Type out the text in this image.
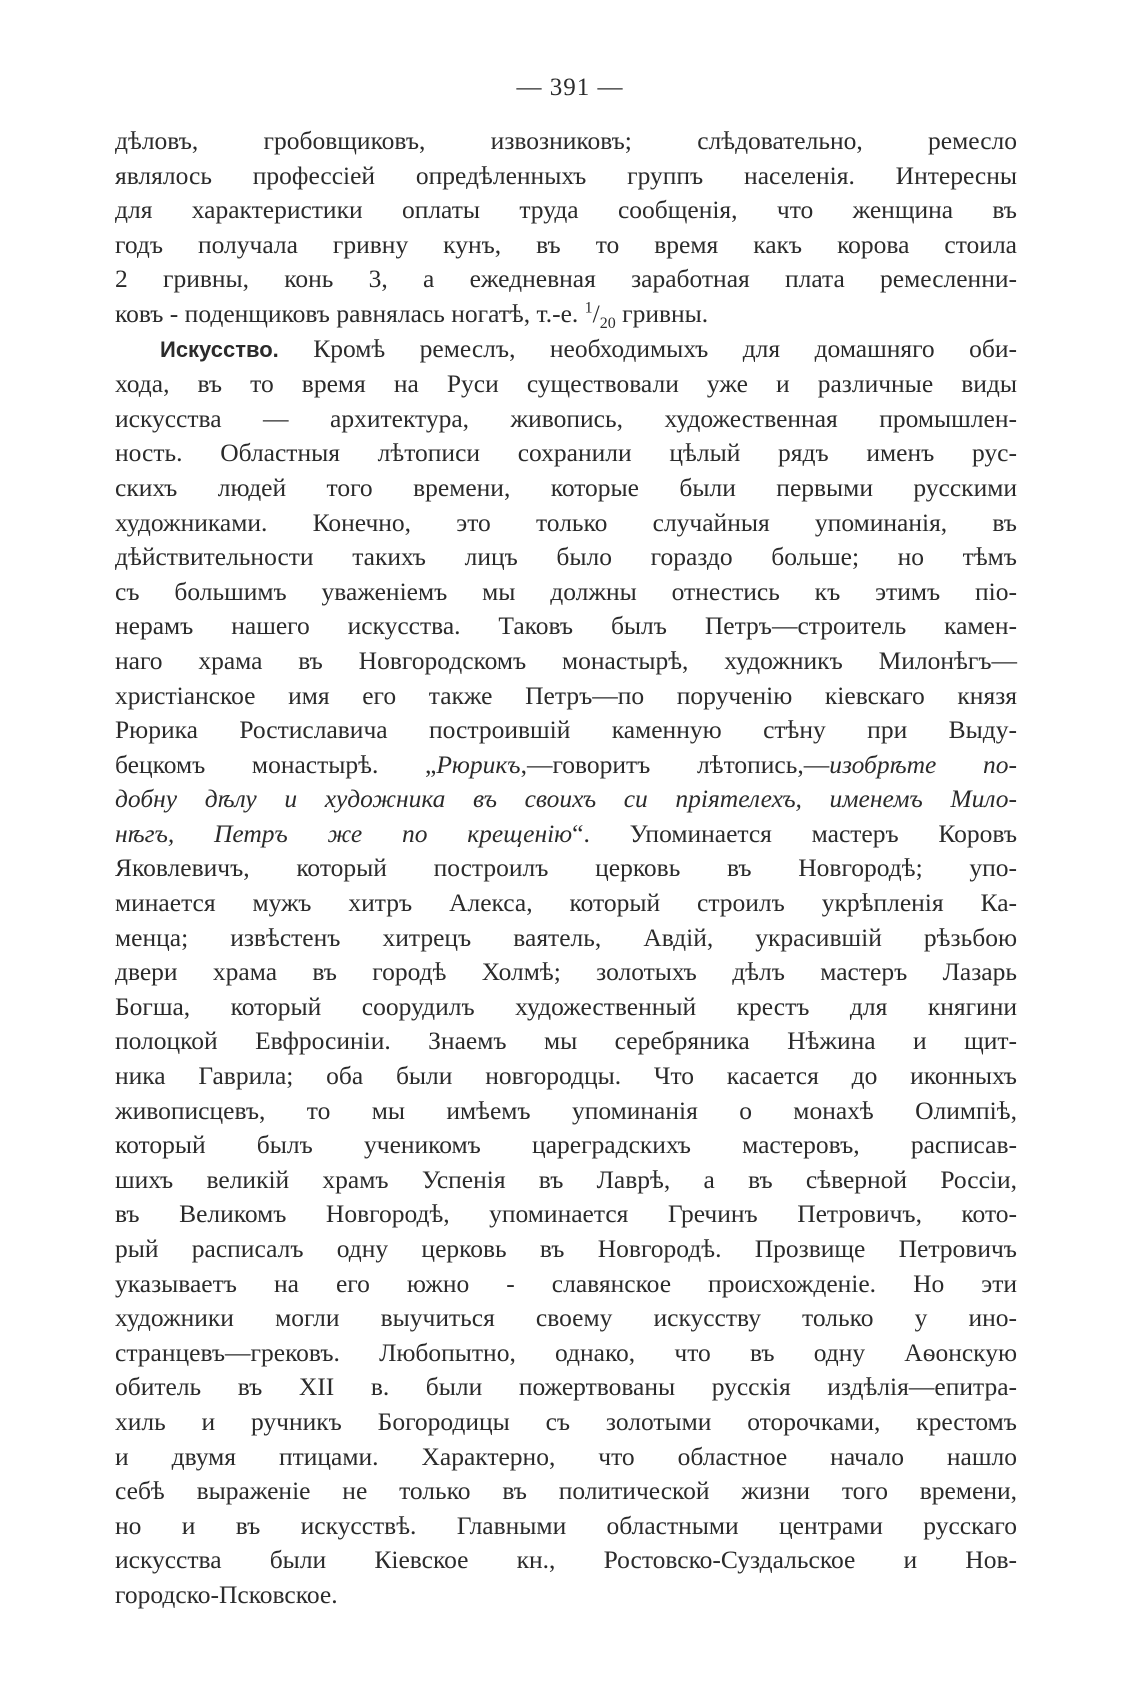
— 391 —
дѣловъ, гробовщиковъ, извозниковъ; слѣдовательно, ремесло
являлось профессіей опредѣленныхъ группъ населенія. Интересны
для характеристики оплаты труда сообщенія, что женщина въ
годъ получала гривну кунъ, въ то время какъ корова стоила
2 гривны, конь 3, а ежедневная заработная плата ремесленни-
ковъ - поденщиковъ равнялась ногатѣ, т.-е. $^1/_{20}$ гривны.
Искусство. Кромѣ ремеслъ, необходимыхъ для домашняго оби-
хода, въ то время на Руси существовали уже и различные виды
искусства — архитектура, живопись, художественная промышлен-
ность. Областныя лѣтописи сохранили цѣлый рядъ именъ рус-
скихъ людей того времени, которые были первыми русскими
художниками. Конечно, это только случайныя упоминанія, въ
дѣйствительности такихъ лицъ было гораздо больше; но тѣмъ
съ большимъ уваженіемъ мы должны отнестись къ этимъ піо-
нерамъ нашего искусства. Таковъ былъ Петръ—строитель камен-
наго храма въ Новгородскомъ монастырѣ, художникъ Милонѣгъ—
христіанское имя его также Петръ—по порученію кіевскаго князя
Рюрика Ростиславича построившій каменную стѣну при Выду-
бецкомъ монастырѣ. „Рюрикъ,—говоритъ лѣтопись,—изобрѣте по-
добну дѣлу и художника въ своихъ си пріятелехъ, именемъ Мило-
нѣгъ, Петръ же по крещенію“. Упоминается мастеръ Коровъ
Яковлевичъ, который построилъ церковь въ Новгородѣ; упо-
минается мужъ хитръ Алекса, который строилъ укрѣпленія Ка-
менца; извѣстенъ хитрецъ ваятель, Авдій, украсившій рѣзьбою
двери храма въ городѣ Холмѣ; золотыхъ дѣлъ мастеръ Лазарь
Богша, который соорудилъ художественный крестъ для княгини
полоцкой Евфросиніи. Знаемъ мы серебряника Нѣжина и щит-
ника Гаврила; оба были новгородцы. Что касается до иконныхъ
живописцевъ, то мы имѣемъ упоминанія о монахѣ Олимпіѣ,
который былъ ученикомъ цареградскихъ мастеровъ, расписав-
шихъ великій храмъ Успенія въ Лаврѣ, а въ сѣверной Россіи,
въ Великомъ Новгородѣ, упоминается Гречинъ Петровичъ, кото-
рый расписалъ одну церковь въ Новгородѣ. Прозвище Петровичъ
указываетъ на его южно - славянское происхожденіе. Но эти
художники могли выучиться своему искусству только у ино-
странцевъ—грековъ. Любопытно, однако, что въ одну Аѳонскую
обитель въ XII в. были пожертвованы русскія издѣлія—епитра-
хиль и ручникъ Богородицы съ золотыми оторочками, крестомъ
и двумя птицами. Характерно, что областное начало нашло
себѣ выраженіе не только въ политической жизни того времени,
но и въ искусствѣ. Главными областными центрами русскаго
искусства были Кіевское кн., Ростовско-Суздальское и Нов-
городско-Псковское.
